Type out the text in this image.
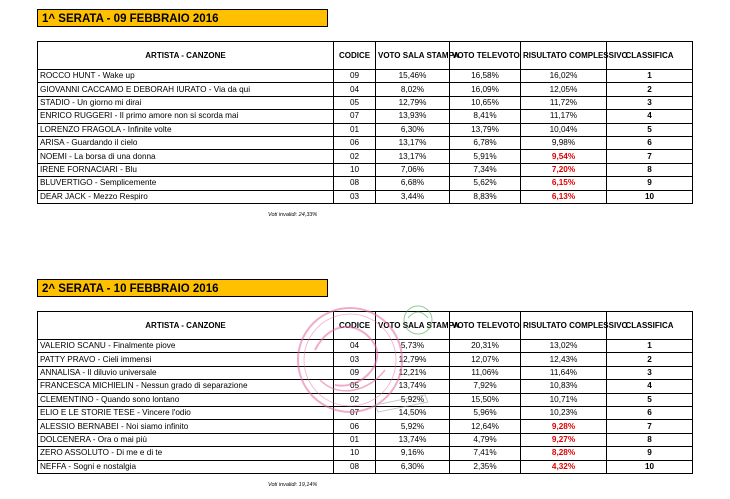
1^ SERATA - 09 FEBBRAIO 2016
ARTISTA - CANZONE	CODICE	VOTO SALA STAMPA	VOTO TELEVOTO	RISULTATO COMPLESSIVO	CLASSIFICA
ROCCO HUNT - Wake up	09	15,46%	16,58%	16,02%	1
GIOVANNI CACCAMO E DEBORAH IURATO - Via da qui	04	8,02%	16,09%	12,05%	2
STADIO - Un giorno mi dirai	05	12,79%	10,65%	11,72%	3
ENRICO RUGGERI - Il primo amore non si scorda mai	07	13,93%	8,41%	11,17%	4
LORENZO FRAGOLA - Infinite volte	01	6,30%	13,79%	10,04%	5
ARISA - Guardando il cielo	06	13,17%	6,78%	9,98%	6
NOEMI - La borsa di una donna	02	13,17%	5,91%	9,54%	7
IRENE FORNACIARI - Blu	10	7,06%	7,34%	7,20%	8
BLUVERTIGO - Semplicemente	08	6,68%	5,62%	6,15%	9
DEAR JACK - Mezzo Respiro	03	3,44%	8,83%	6,13%	10
Voti invalidi: 24,33%
2^ SERATA - 10 FEBBRAIO 2016
ARTISTA - CANZONE	CODICE	VOTO SALA STAMPA	VOTO TELEVOTO	RISULTATO COMPLESSIVO	CLASSIFICA
VALERIO SCANU - Finalmente piove	04	5,73%	20,31%	13,02%	1
PATTY PRAVO - Cieli immensi	03	12,79%	12,07%	12,43%	2
ANNALISA - Il diluvio universale	09	12,21%	11,06%	11,64%	3
FRANCESCA MICHIELIN - Nessun grado di separazione	05	13,74%	7,92%	10,83%	4
CLEMENTINO - Quando sono lontano	02	5,92%	15,50%	10,71%	5
ELIO E LE STORIE TESE - Vincere l'odio	07	14,50%	5,96%	10,23%	6
ALESSIO BERNABEI - Noi siamo infinito	06	5,92%	12,64%	9,28%	7
DOLCENERA - Ora o mai più	01	13,74%	4,79%	9,27%	8
ZERO ASSOLUTO - Di me e di te	10	9,16%	7,41%	8,28%	9
NEFFA - Sogni e nostalgia	08	6,30%	2,35%	4,32%	10
Voti invalidi: 19,14%
